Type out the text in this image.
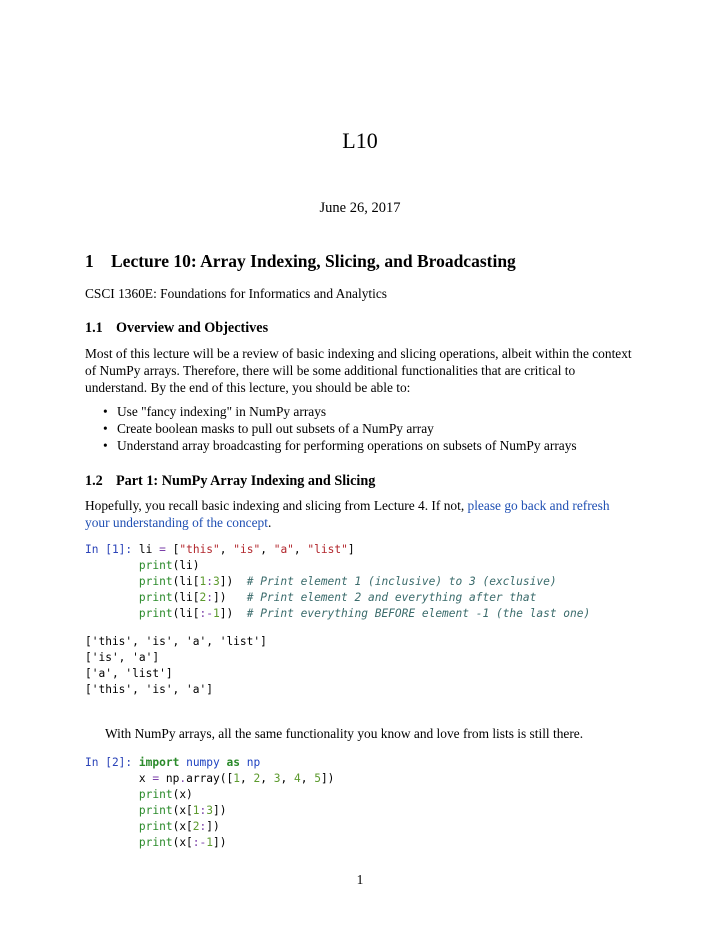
L10
June 26, 2017
1 Lecture 10: Array Indexing, Slicing, and Broadcasting
CSCI 1360E: Foundations for Informatics and Analytics
1.1 Overview and Objectives
Most of this lecture will be a review of basic indexing and slicing operations, albeit within the context of NumPy arrays. Therefore, there will be some additional functionalities that are critical to understand. By the end of this lecture, you should be able to:
• Use "fancy indexing" in NumPy arrays
• Create boolean masks to pull out subsets of a NumPy array
• Understand array broadcasting for performing operations on subsets of NumPy arrays
1.2 Part 1: NumPy Array Indexing and Slicing
Hopefully, you recall basic indexing and slicing from Lecture 4. If not, please go back and refresh your understanding of the concept.
In [1]: li = ["this", "is", "a", "list"]
print(li)
print(li[1:3])  # Print element 1 (inclusive) to 3 (exclusive)
print(li[2:])   # Print element 2 and everything after that
print(li[:-1])  # Print everything BEFORE element -1 (the last one)
['this', 'is', 'a', 'list']
['is', 'a']
['a', 'list']
['this', 'is', 'a']
With NumPy arrays, all the same functionality you know and love from lists is still there.
In [2]: import numpy as np
x = np.array([1, 2, 3, 4, 5])
print(x)
print(x[1:3])
print(x[2:])
print(x[:-1])
1
